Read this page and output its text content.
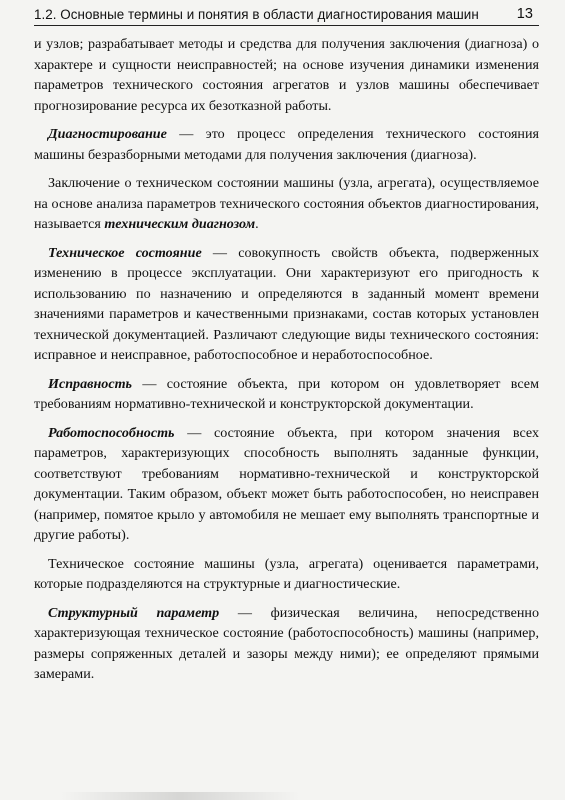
1.2. Основные термины и понятия в области диагностирования машин	13

и узлов; разрабатывает методы и средства для получения заключения (диагноза) о характере и сущности неисправностей; на основе изучения динамики изменения параметров технического состояния агрегатов и узлов машины обеспечивает прогнозирование ресурса их безотказной работы.

Диагностирование — это процесс определения технического состояния машины безразборными методами для получения заключения (диагноза).

Заключение о техническом состоянии машины (узла, агрегата), осуществляемое на основе анализа параметров технического состояния объектов диагностирования, называется техническим диагнозом.

Техническое состояние — совокупность свойств объекта, подверженных изменению в процессе эксплуатации. Они характеризуют его пригодность к использованию по назначению и определяются в заданный момент времени значениями параметров и качественными признаками, состав которых установлен технической документацией. Различают следующие виды технического состояния: исправное и неисправное, работоспособное и неработоспособное.

Исправность — состояние объекта, при котором он удовлетворяет всем требованиям нормативно-технической и конструкторской документации.

Работоспособность — состояние объекта, при котором значения всех параметров, характеризующих способность выполнять заданные функции, соответствуют требованиям нормативно-технической и конструкторской документации. Таким образом, объект может быть работоспособен, но неисправен (например, помятое крыло у автомобиля не мешает ему выполнять транспортные и другие работы).

Техническое состояние машины (узла, агрегата) оценивается параметрами, которые подразделяются на структурные и диагностические.

Структурный параметр — физическая величина, непосредственно характеризующая техническое состояние (работоспособность) машины (например, размеры сопряженных деталей и зазоры между ними); ее определяют прямыми замерами.
